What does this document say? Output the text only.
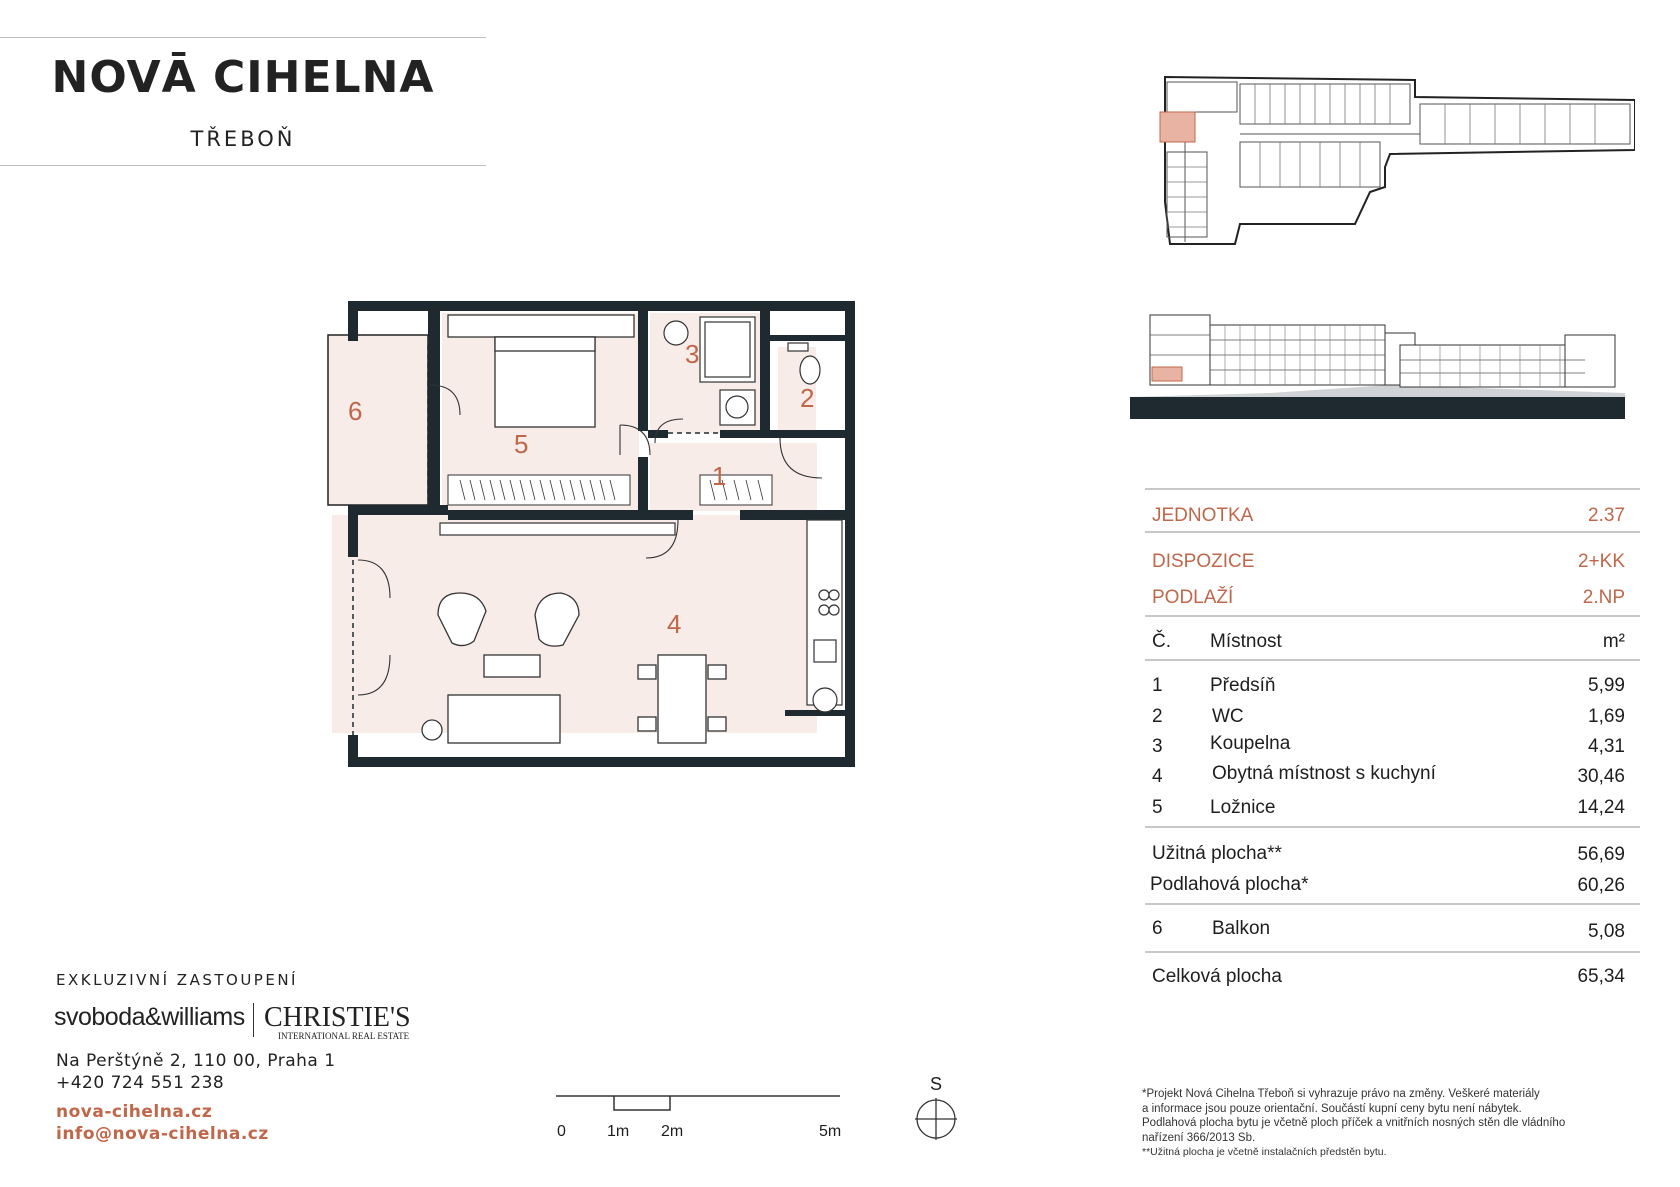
NOVĀ CIHELNA
TŘEBOŇ
6
5
3
2
1
4
JEDNOTKA	2.37
DISPOZICE	2+KK
PODLAŽÍ	2.NP
Č. Místnost	m²
1 Předsíň	5,99
2	WC	1,69
3 Koupelna	4,31
4	Obytná místnost s kuchyní	30,46
5 Ložnice	14,24
Užitná plocha**	56,69
Podlahová plocha*	60,26
6	Balkon	5,08
Celková plocha	65,34
EXKLUZIVNÍ ZASTOUPENÍ
svoboda&williams CHRISTIE'S
INTERNATIONAL REAL ESTATE
Na Perštýně 2, 110 00, Praha 1
+420 724 551 238
nova-cihelna.cz
info@nova-cihelna.cz	0	1m 2m	5m
S	*Projekt Nová Cihelna Třeboň si vyhrazuje právo na změny. Veškeré materiály
a informace jsou pouze orientační. Součástí kupní ceny bytu není nábytek.
Podlahová plocha bytu je včetně ploch příček a vnitřních nosných stěn dle vládního
nařízení 366/2013 Sb.
**Užitná plocha je včetně instalačních předstěn bytu.
